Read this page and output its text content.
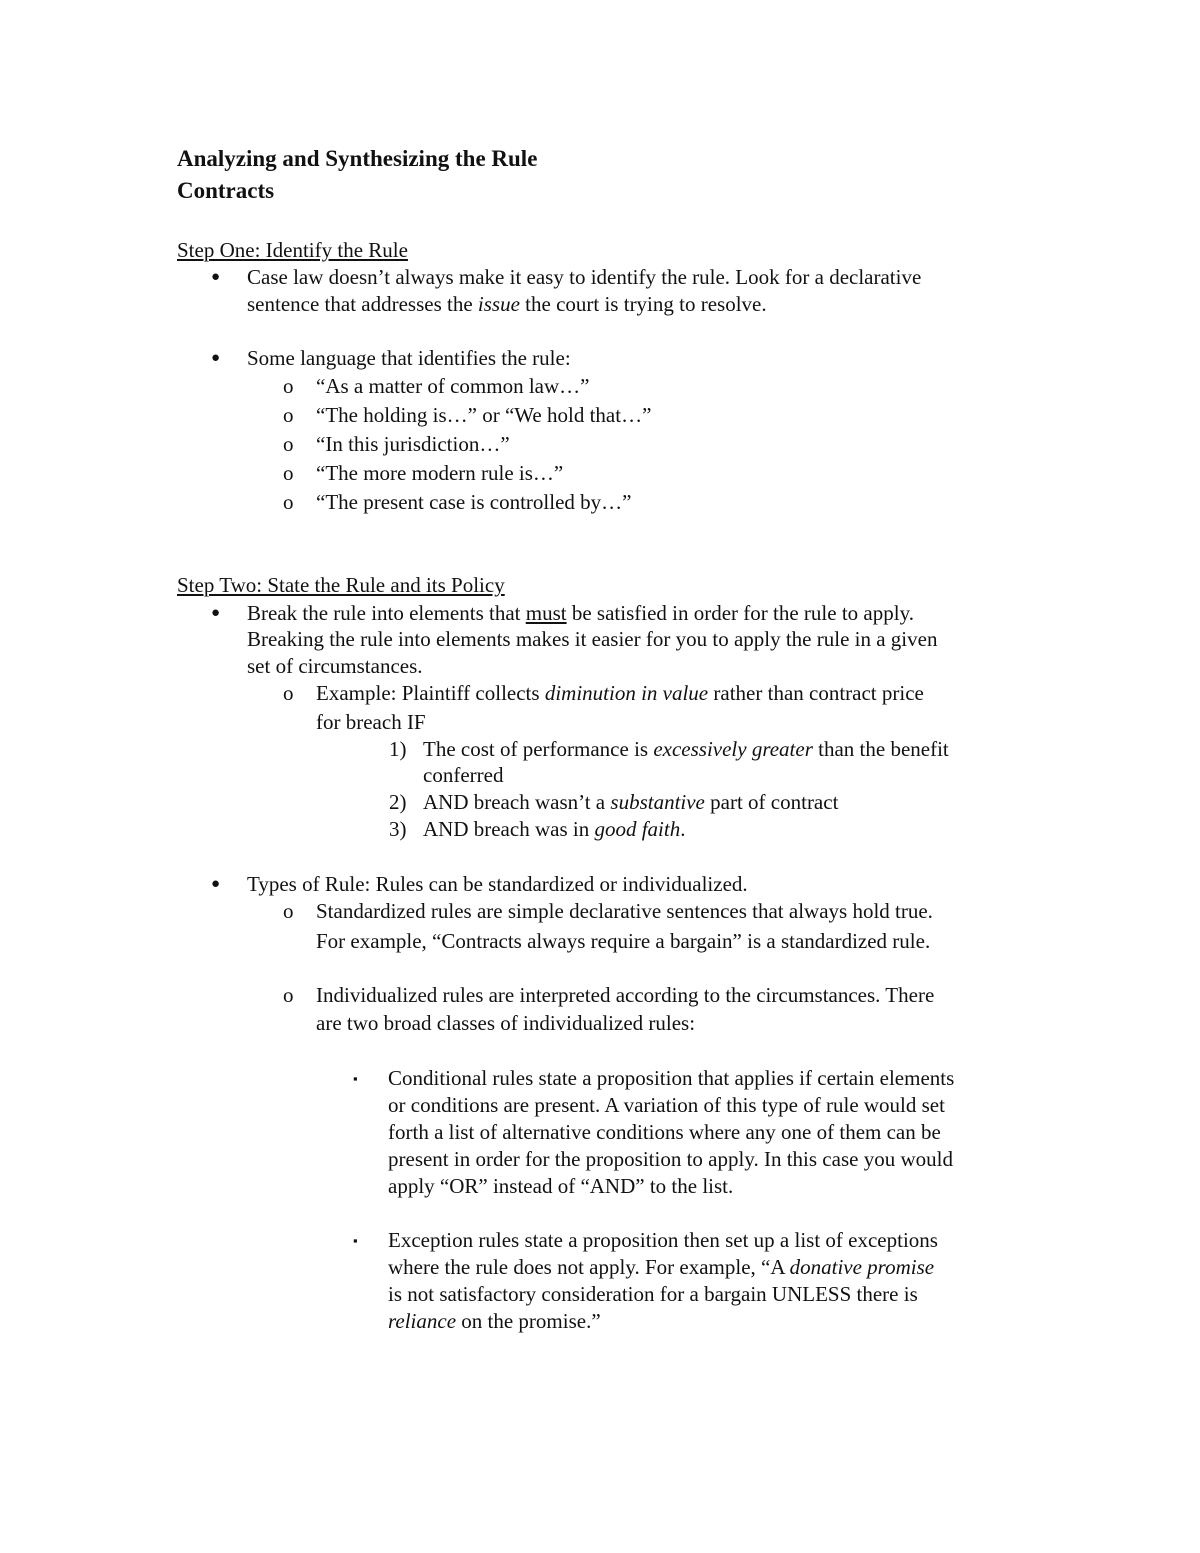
Analyzing and Synthesizing the Rule
Contracts
Step One: Identify the Rule
● Case law doesn’t always make it easy to identify the rule. Look for a declarative
sentence that addresses the issue the court is trying to resolve.
● Some language that identifies the rule:
o “As a matter of common law…”
o “The holding is…” or “We hold that…”
o “In this jurisdiction…”
o “The more modern rule is…”
o “The present case is controlled by…”
Step Two: State the Rule and its Policy
● Break the rule into elements that must be satisfied in order for the rule to apply.
Breaking the rule into elements makes it easier for you to apply the rule in a given
set of circumstances.
o Example: Plaintiff collects diminution in value rather than contract price
for breach IF
1) The cost of performance is excessively greater than the benefit
conferred
2) AND breach wasn’t a substantive part of contract
3) AND breach was in good faith.
● Types of Rule: Rules can be standardized or individualized.
o Standardized rules are simple declarative sentences that always hold true.
For example, “Contracts always require a bargain” is a standardized rule.
o Individualized rules are interpreted according to the circumstances. There
are two broad classes of individualized rules:
▪ Conditional rules state a proposition that applies if certain elements
or conditions are present. A variation of this type of rule would set
forth a list of alternative conditions where any one of them can be
present in order for the proposition to apply. In this case you would
apply “OR” instead of “AND” to the list.
▪ Exception rules state a proposition then set up a list of exceptions
where the rule does not apply. For example, “A donative promise
is not satisfactory consideration for a bargain UNLESS there is
reliance on the promise.”
